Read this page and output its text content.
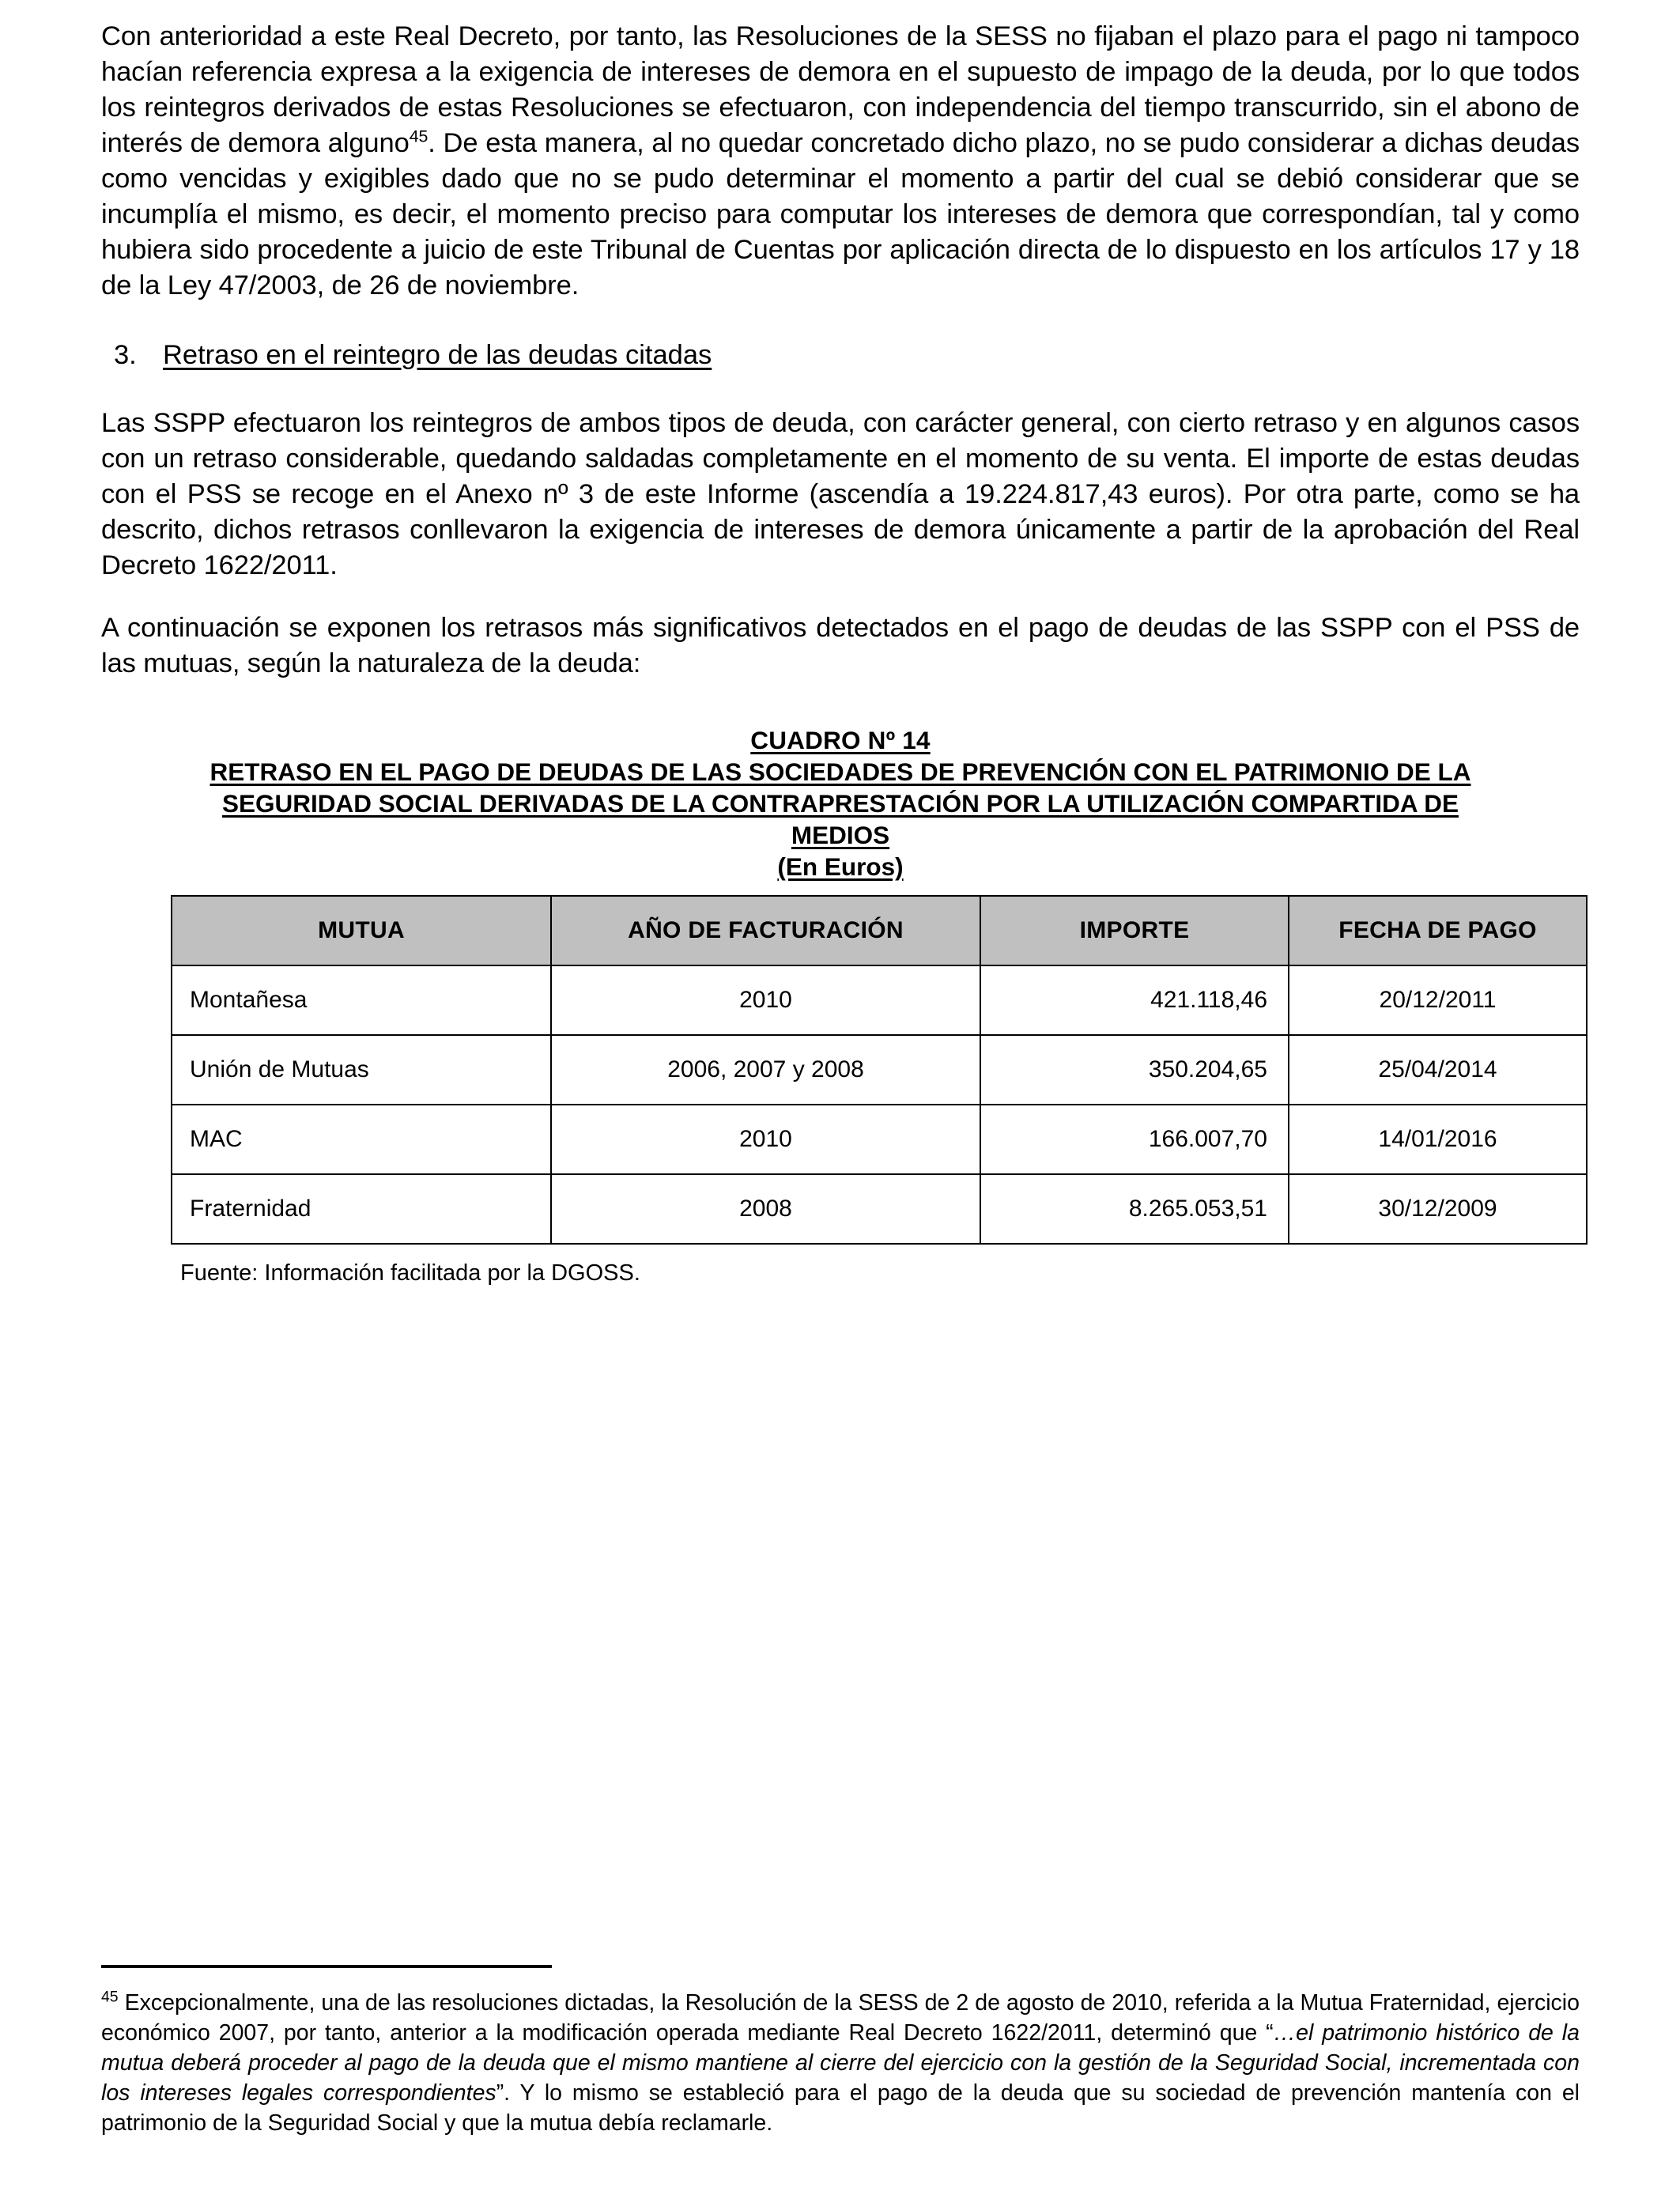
Con anterioridad a este Real Decreto, por tanto, las Resoluciones de la SESS no fijaban el plazo para el pago ni tampoco hacían referencia expresa a la exigencia de intereses de demora en el supuesto de impago de la deuda, por lo que todos los reintegros derivados de estas Resoluciones se efectuaron, con independencia del tiempo transcurrido, sin el abono de interés de demora alguno$^{45}$. De esta manera, al no quedar concretado dicho plazo, no se pudo considerar a dichas deudas como vencidas y exigibles dado que no se pudo determinar el momento a partir del cual se debió considerar que se incumplía el mismo, es decir, el momento preciso para computar los intereses de demora que correspondían, tal y como hubiera sido procedente a juicio de este Tribunal de Cuentas por aplicación directa de lo dispuesto en los artículos 17 y 18 de la Ley 47/2003, de 26 de noviembre.

3. Retraso en el reintegro de las deudas citadas

Las SSPP efectuaron los reintegros de ambos tipos de deuda, con carácter general, con cierto retraso y en algunos casos con un retraso considerable, quedando saldadas completamente en el momento de su venta. El importe de estas deudas con el PSS se recoge en el Anexo nº 3 de este Informe (ascendía a 19.224.817,43 euros). Por otra parte, como se ha descrito, dichos retrasos conllevaron la exigencia de intereses de demora únicamente a partir de la aprobación del Real Decreto 1622/2011.

A continuación se exponen los retrasos más significativos detectados en el pago de deudas de las SSPP con el PSS de las mutuas, según la naturaleza de la deuda:

CUADRO Nº 14
RETRASO EN EL PAGO DE DEUDAS DE LAS SOCIEDADES DE PREVENCIÓN CON EL PATRIMONIO DE LA
SEGURIDAD SOCIAL DERIVADAS DE LA CONTRAPRESTACIÓN POR LA UTILIZACIÓN COMPARTIDA DE
MEDIOS
(En Euros)
MUTUA	AÑO DE FACTURACIÓN	IMPORTE	FECHA DE PAGO
Montañesa	2010	421.118,46	20/12/2011
Unión de Mutuas	2006, 2007 y 2008	350.204,65	25/04/2014
MAC	2010	166.007,70	14/01/2016
Fraternidad	2008	8.265.053,51	30/12/2009
Fuente: Información facilitada por la DGOSS.

$^{45}$ Excepcionalmente, una de las resoluciones dictadas, la Resolución de la SESS de 2 de agosto de 2010, referida a la Mutua Fraternidad, ejercicio económico 2007, por tanto, anterior a la modificación operada mediante Real Decreto 1622/2011, determinó que “…el patrimonio histórico de la mutua deberá proceder al pago de la deuda que el mismo mantiene al cierre del ejercicio con la gestión de la Seguridad Social, incrementada con los intereses legales correspondientes”. Y lo mismo se estableció para el pago de la deuda que su sociedad de prevención mantenía con el patrimonio de la Seguridad Social y que la mutua debía reclamarle.
